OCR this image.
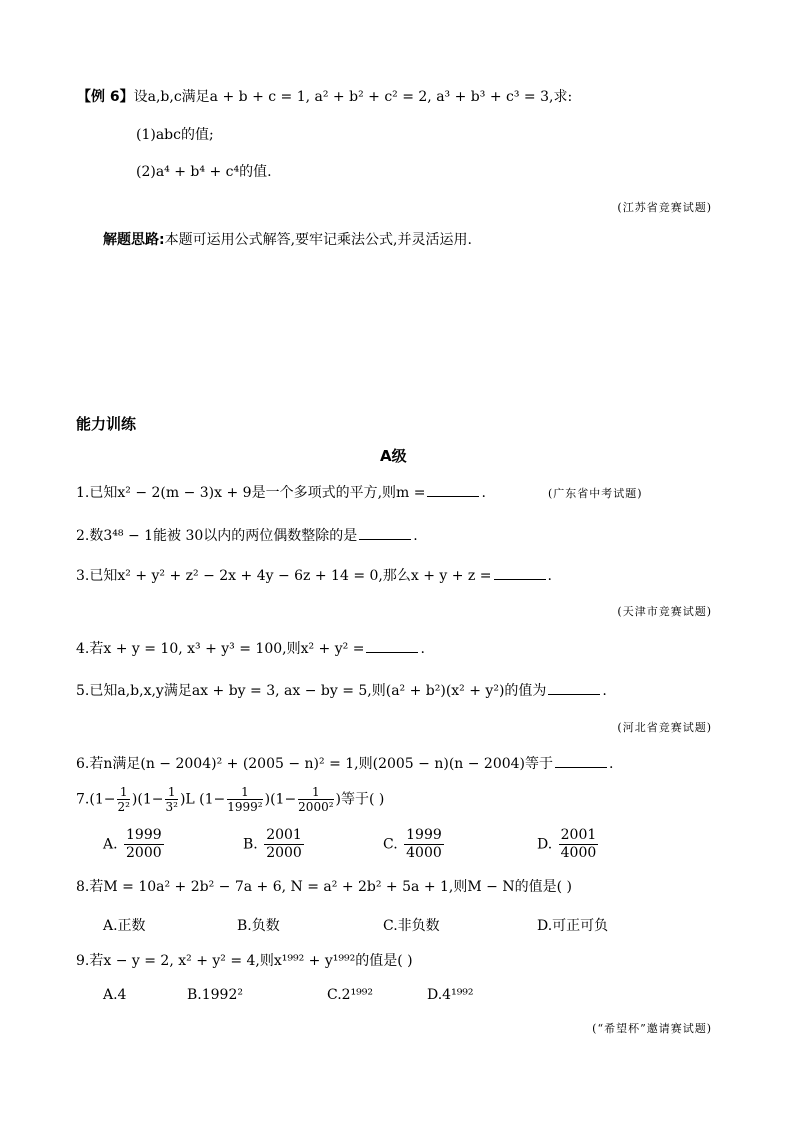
【例 6】设a,b,c满足a + b + c = 1, a² + b² + c² = 2, a³ + b³ + c³ = 3,求:
(1)abc的值;
(2)a⁴ + b⁴ + c⁴的值.
(江苏省竞赛试题)
解题思路:本题可运用公式解答,要牢记乘法公式,并灵活运用.
能力训练
A级
1.已知x² − 2(m − 3)x + 9是一个多项式的平方,则m =	.	(广东省中考试题)
2.数3⁴⁸ − 1能被 30以内的两位偶数整除的是	.
3.已知x² + y² + z² − 2x + 4y − 6z + 14 = 0,那么x + y + z =	.
(天津市竞赛试题)
4.若x + y = 10, x³ + y³ = 100,则x² + y² =	.
5.已知a,b,x,y满足ax + by = 3, ax − by = 5,则(a² + b²)(x² + y²)的值为	.
(河北省竞赛试题)
6.若n满足(n − 2004)² + (2005 − n)² = 1,则(2005 − n)(n − 2004)等于	.
$7.(1- \frac{1}{\text{2²}} )(1- \frac{1}{\text{3²}} )L$ $(1- \frac{1}{\text{1999²}} )(1- \frac{1}{\text{2000²}}$ )等于( )
A. $\frac{1999}{2000}$	B. $\frac{2001}{2000}$	C. $\frac{1999}{4000}$	D. $\frac{2001}{4000}$
8.若M = 10a² + 2b² − 7a + 6, N = a² + 2b² + 5a + 1,则M − N的值是( )
A.正数	B.负数	C.非负数	D.可正可负
9.若x − y = 2, x² + y² = 4,则x¹⁹⁹² + y¹⁹⁹²的值是( )
A.4	B.1992²	C.2¹⁹⁹²	D.4¹⁹⁹²
(“希望杯”邀请赛试题)
